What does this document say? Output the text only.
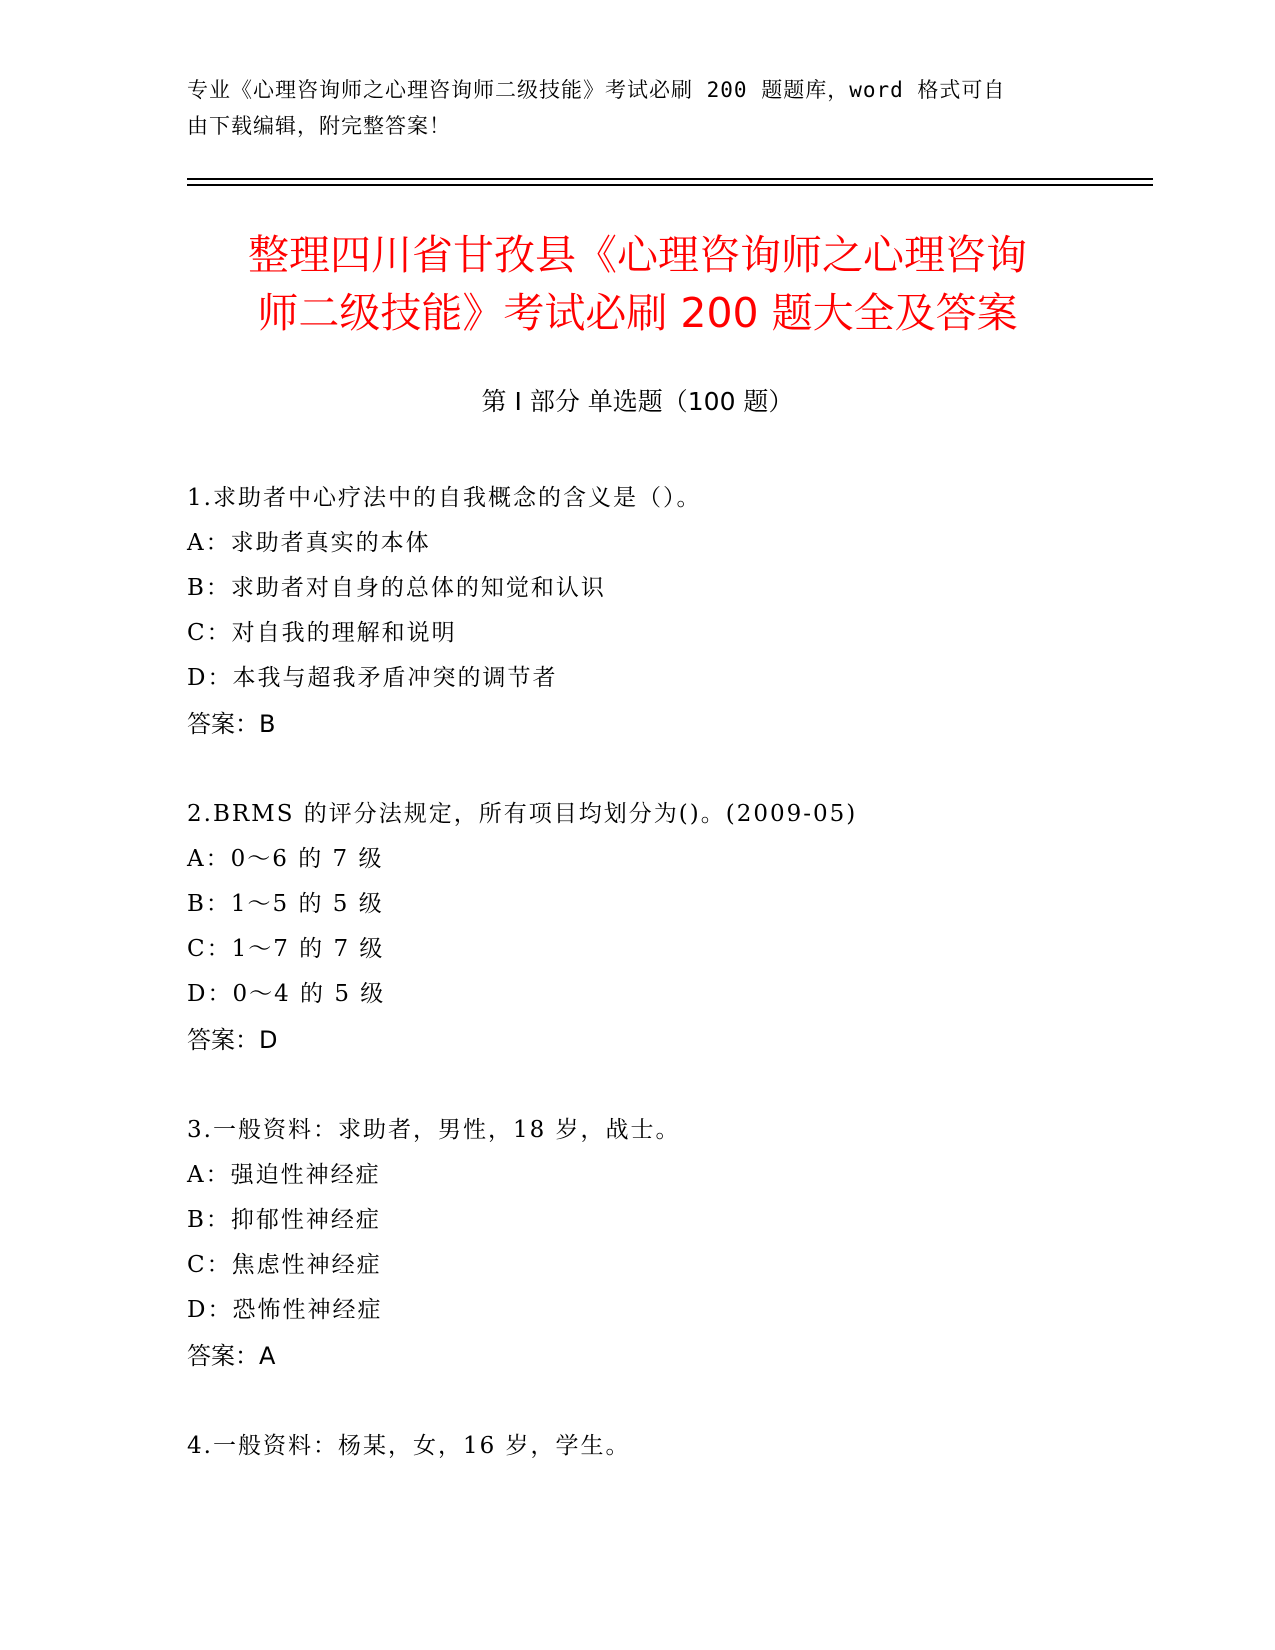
专业《心理咨询师之心理咨询师二级技能》考试必刷 200 题题库，word 格式可自
由下载编辑，附完整答案！
整理四川省甘孜县《心理咨询师之心理咨询
师二级技能》考试必刷 200 题大全及答案
第 I 部分 单选题（100 题）
1.求助者中心疗法中的自我概念的含义是（）。
A：求助者真实的本体
B：求助者对自身的总体的知觉和认识
C：对自我的理解和说明
D：本我与超我矛盾冲突的调节者
答案：B
2.BRMS 的评分法规定，所有项目均划分为()。(2009-05)
A：0～6 的 7 级
B：1～5 的 5 级
C：1～7 的 7 级
D：0～4 的 5 级
答案：D
3.一般资料：求助者，男性，18 岁，战士。
A：强迫性神经症
B：抑郁性神经症
C：焦虑性神经症
D：恐怖性神经症
答案：A
4.一般资料：杨某，女，16 岁，学生。
